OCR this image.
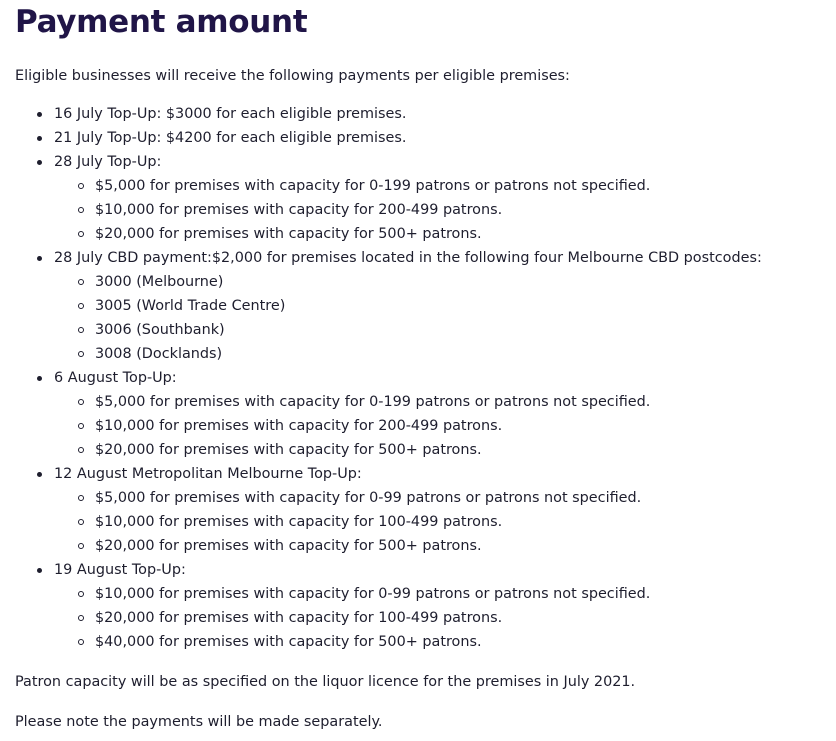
Payment amount

Eligible businesses will receive the following payments per eligible premises:

16 July Top-Up: $3000 for each eligible premises.
21 July Top-Up: $4200 for each eligible premises.
28 July Top-Up:
$5,000 for premises with capacity for 0-199 patrons or patrons not specified.
$10,000 for premises with capacity for 200-499 patrons.
$20,000 for premises with capacity for 500+ patrons.
28 July CBD payment:$2,000 for premises located in the following four Melbourne CBD postcodes:
3000 (Melbourne)
3005 (World Trade Centre)
3006 (Southbank)
3008 (Docklands)
6 August Top-Up:
$5,000 for premises with capacity for 0-199 patrons or patrons not specified.
$10,000 for premises with capacity for 200-499 patrons.
$20,000 for premises with capacity for 500+ patrons.
12 August Metropolitan Melbourne Top-Up:
$5,000 for premises with capacity for 0-99 patrons or patrons not specified.
$10,000 for premises with capacity for 100-499 patrons.
$20,000 for premises with capacity for 500+ patrons.
19 August Top-Up:
$10,000 for premises with capacity for 0-99 patrons or patrons not specified.
$20,000 for premises with capacity for 100-499 patrons.
$40,000 for premises with capacity for 500+ patrons.

Patron capacity will be as specified on the liquor licence for the premises in July 2021.

Please note the payments will be made separately.
